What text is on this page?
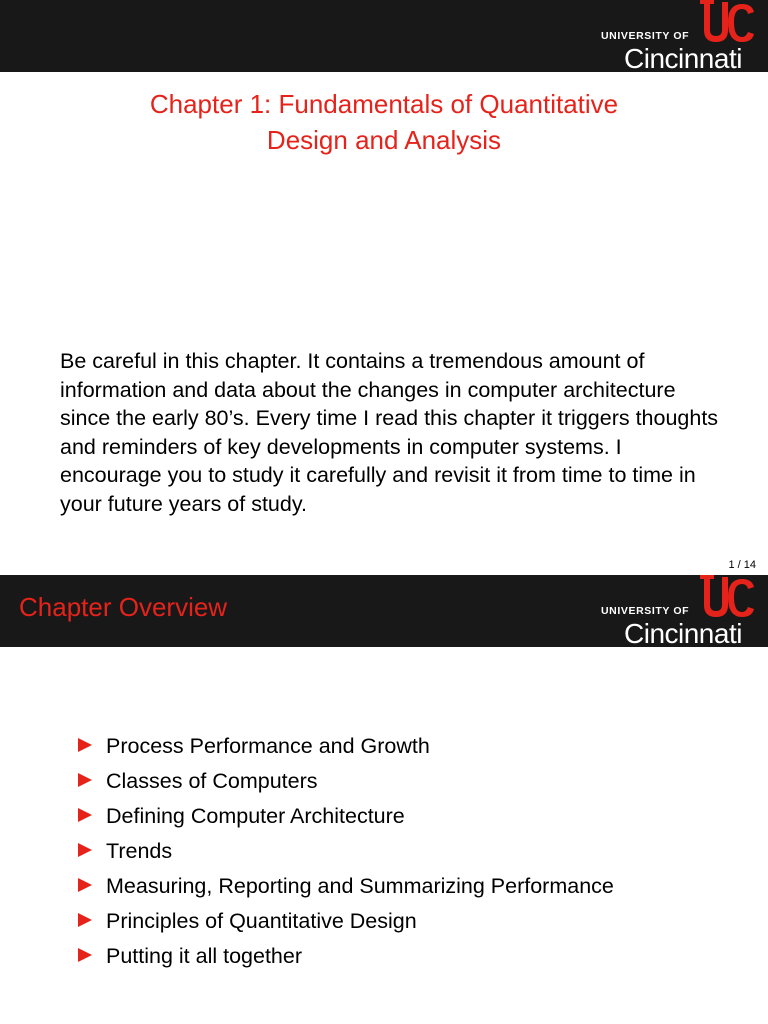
UNIVERSITY OF
Cincinnati
Chapter 1: Fundamentals of Quantitative
Design and Analysis
Be careful in this chapter. It contains a tremendous amount of information and data about the changes in computer architecture since the early 80’s. Every time I read this chapter it triggers thoughts and reminders of key developments in computer systems. I encourage you to study it carefully and revisit it from time to time in your future years of study.
1 / 14
Chapter Overview	UNIVERSITY OF
Cincinnati
Process Performance and Growth
Classes of Computers
Defining Computer Architecture
Trends
Measuring, Reporting and Summarizing Performance
Principles of Quantitative Design
Putting it all together
